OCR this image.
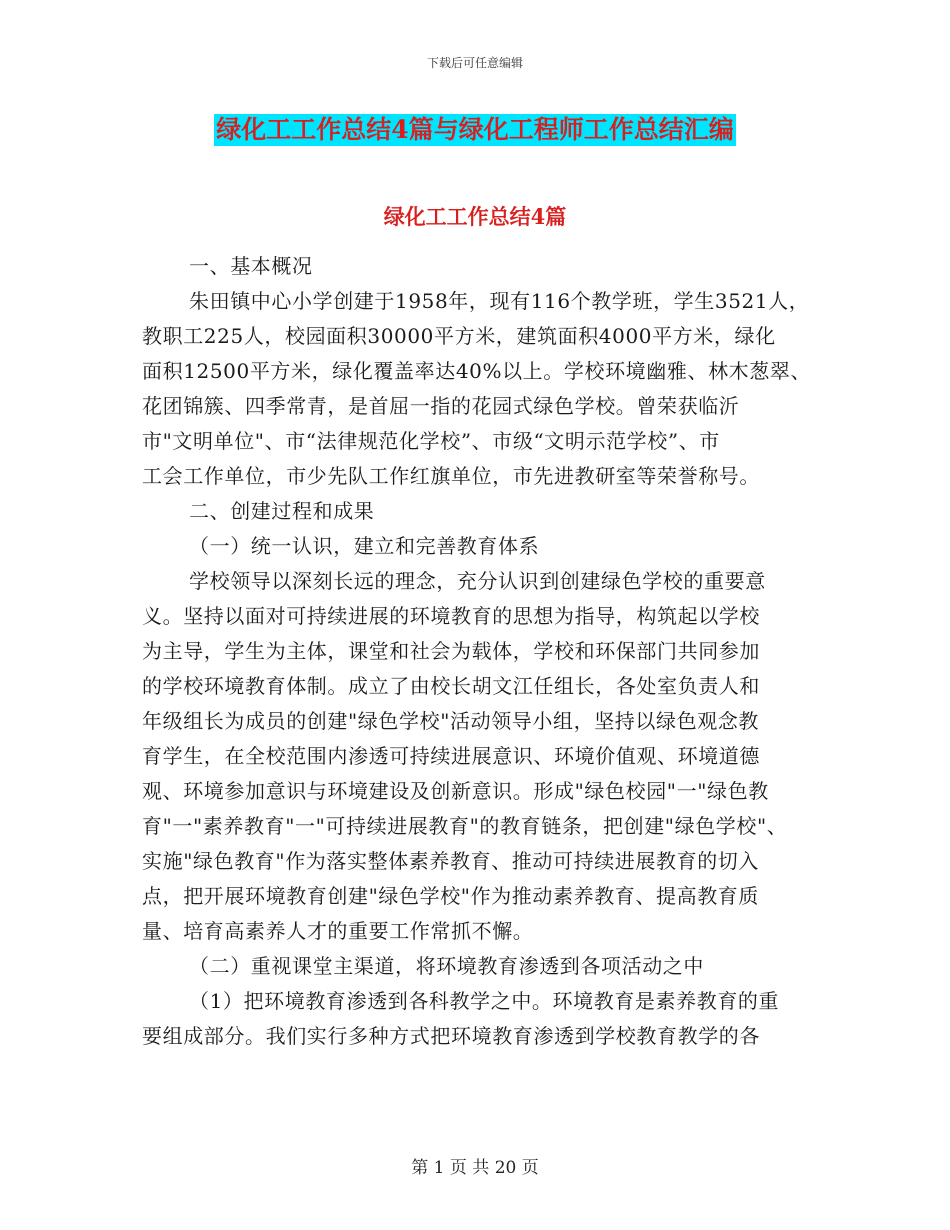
下载后可任意编辑
绿化工工作总结4篇与绿化工程师工作总结汇编
绿化工工作总结4篇
一、基本概况
朱田镇中心小学创建于1958年，现有116个教学班，学生3521人，
教职工225人，校园面积30000平方米，建筑面积4000平方米，绿化
面积12500平方米，绿化覆盖率达40%以上。学校环境幽雅、林木葱翠、
花团锦簇、四季常青，是首屈一指的花园式绿色学校。曾荣获临沂
市"文明单位"、市“法律规范化学校”、市级“文明示范学校”、市
工会工作单位，市少先队工作红旗单位，市先进教研室等荣誉称号。
二、创建过程和成果
（一）统一认识，建立和完善教育体系
学校领导以深刻长远的理念，充分认识到创建绿色学校的重要意
义。坚持以面对可持续进展的环境教育的思想为指导，构筑起以学校
为主导，学生为主体，课堂和社会为载体，学校和环保部门共同参加
的学校环境教育体制。成立了由校长胡文江任组长，各处室负责人和
年级组长为成员的创建"绿色学校"活动领导小组，坚持以绿色观念教
育学生，在全校范围内渗透可持续进展意识、环境价值观、环境道德
观、环境参加意识与环境建设及创新意识。形成"绿色校园"一"绿色教
育"一"素养教育"一"可持续进展教育"的教育链条，把创建"绿色学校"、
实施"绿色教育"作为落实整体素养教育、推动可持续进展教育的切入
点，把开展环境教育创建"绿色学校"作为推动素养教育、提高教育质
量、培育高素养人才的重要工作常抓不懈。
（二）重视课堂主渠道，将环境教育渗透到各项活动之中
（1）把环境教育渗透到各科教学之中。环境教育是素养教育的重
要组成部分。我们实行多种方式把环境教育渗透到学校教育教学的各
第 1 页 共 20 页
